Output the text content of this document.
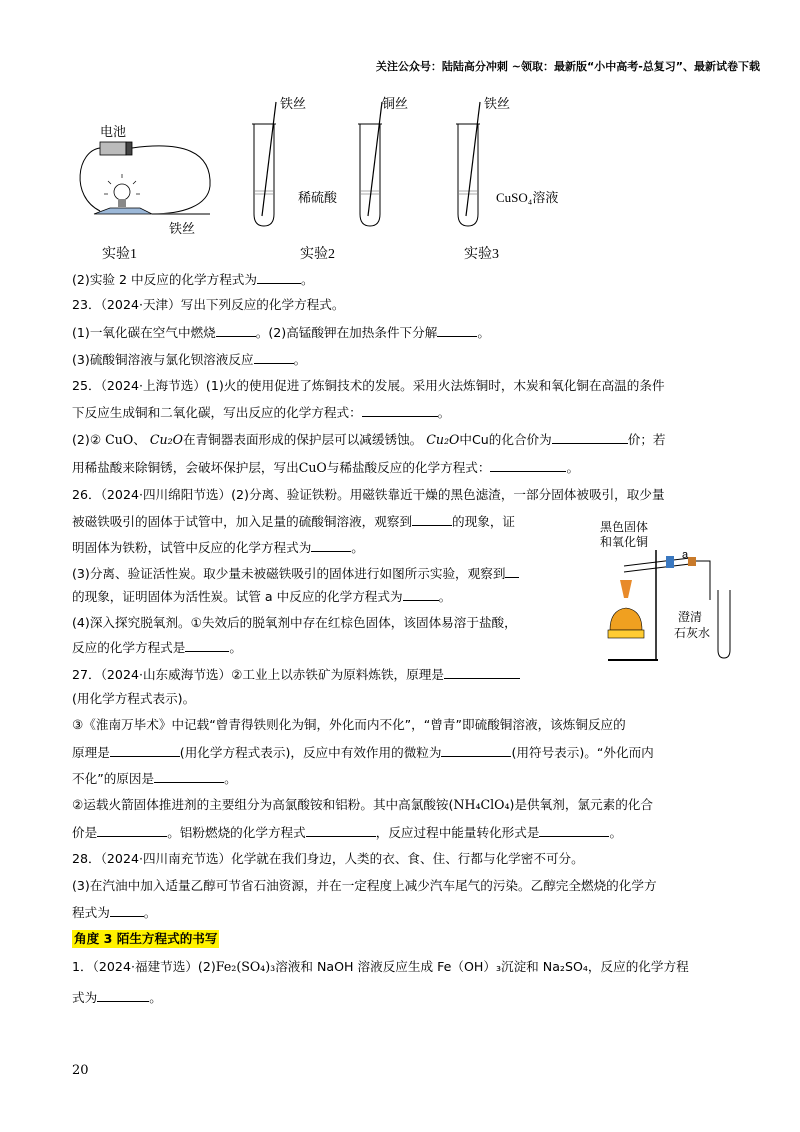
关注公众号：陆陆高分冲刺 ~领取：最新版“小中高考-总复习”、最新试卷下载
电池
铁丝
实验1
铁丝
稀硫酸
实验2
铜丝	铁丝
CuSO₄溶液
实验3
黑色固体
和氧化铜
a
澄清
石灰水
(2)实验 2 中反应的化学方程式为	。
23．（2024·天津）写出下列反应的化学方程式。
(1)一氧化碳在空气中燃烧	。(2)高锰酸钾在加热条件下分解	。
(3)硫酸铜溶液与氯化钡溶液反应	。
25．（2024·上海节选）(1)火的使用促进了炼铜技术的发展。采用火法炼铜时，木炭和氧化铜在高温的条件
下反应生成铜和二氧化碳，写出反应的化学方程式：	。
(2)② CuO、 Cu₂O在青铜器表面形成的保护层可以减缓锈蚀。 Cu₂O中Cu的化合价为	价；若
用稀盐酸来除铜锈，会破坏保护层，写出CuO与稀盐酸反应的化学方程式：	。
26．（2024·四川绵阳节选）(2)分离、验证铁粉。用磁铁靠近干燥的黑色滤渣，一部分固体被吸引，取少量
被磁铁吸引的固体于试管中，加入足量的硫酸铜溶液，观察到	的现象，证
明固体为铁粉，试管中反应的化学方程式为	。
(3)分离、验证活性炭。取少量未被磁铁吸引的固体进行如图所示实验，观察到
的现象，证明固体为活性炭。试管 a 中反应的化学方程式为	。
(4)深入探究脱氧剂。①失效后的脱氧剂中存在红棕色固体，该固体易溶于盐酸，
反应的化学方程式是	。
27．（2024·山东威海节选）②工业上以赤铁矿为原料炼铁，原理是
(用化学方程式表示)。
③《淮南万毕术》中记载“曾青得铁则化为铜，外化而内不化”，“曾青”即硫酸铜溶液，该炼铜反应的
原理是	(用化学方程式表示)，反应中有效作用的微粒为	(用符号表示)。“外化而内
不化”的原因是	。
②运载火箭固体推进剂的主要组分为高氯酸铵和铝粉。其中高氯酸铵(NH₄ClO₄)是供氧剂，氯元素的化合
价是	。铝粉燃烧的化学方程式	，反应过程中能量转化形式是	。
28．（2024·四川南充节选）化学就在我们身边，人类的衣、食、住、行都与化学密不可分。
(3)在汽油中加入适量乙醇可节省石油资源，并在一定程度上减少汽车尾气的污染。乙醇完全燃烧的化学方
程式为	。
角度 3 陌生方程式的书写
1．（2024·福建节选）(2)Fe₂(SO₄)₃溶液和 NaOH 溶液反应生成 Fe（OH）₃沉淀和 Na₂SO₄，反应的化学方程
式为	。
20
